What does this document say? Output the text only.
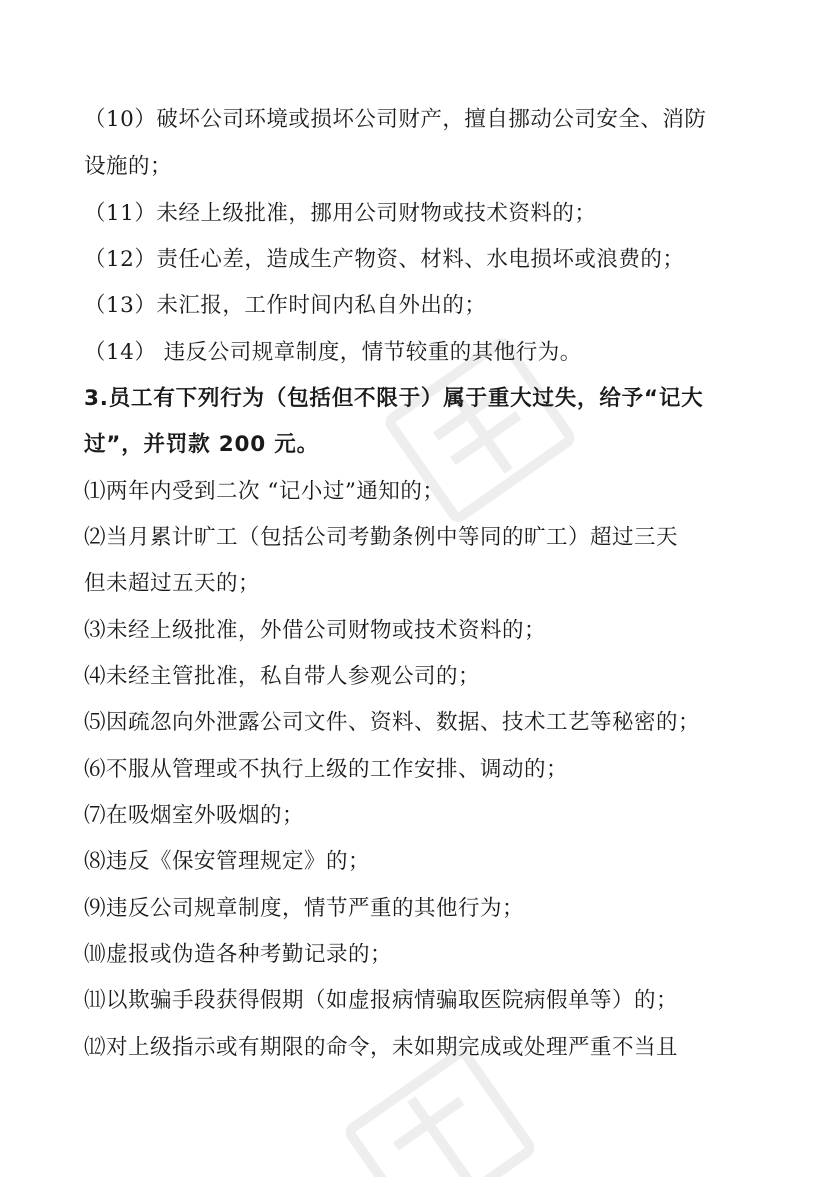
（10）破坏公司环境或损坏公司财产，擅自挪动公司安全、消防
设施的；
（11）未经上级批准，挪用公司财物或技术资料的；
（12）责任心差，造成生产物资、材料、水电损坏或浪费的；
（13）未汇报，工作时间内私自外出的；
（14） 违反公司规章制度，情节较重的其他行为。
3.员工有下列行为（包括但不限于）属于重大过失，给予“记大
过”，并罚款 200 元。
⑴两年内受到二次 “记小过”通知的；
⑵当月累计旷工（包括公司考勤条例中等同的旷工）超过三天
但未超过五天的；
⑶未经上级批准，外借公司财物或技术资料的；
⑷未经主管批准，私自带人参观公司的；
⑸因疏忽向外泄露公司文件、资料、数据、技术工艺等秘密的；
⑹不服从管理或不执行上级的工作安排、调动的；
⑺在吸烟室外吸烟的；
⑻违反《保安管理规定》的；
⑼违反公司规章制度，情节严重的其他行为；
⑽虚报或伪造各种考勤记录的；
⑾以欺骗手段获得假期（如虚报病情骗取医院病假单等）的；
⑿对上级指示或有期限的命令，未如期完成或处理严重不当且
